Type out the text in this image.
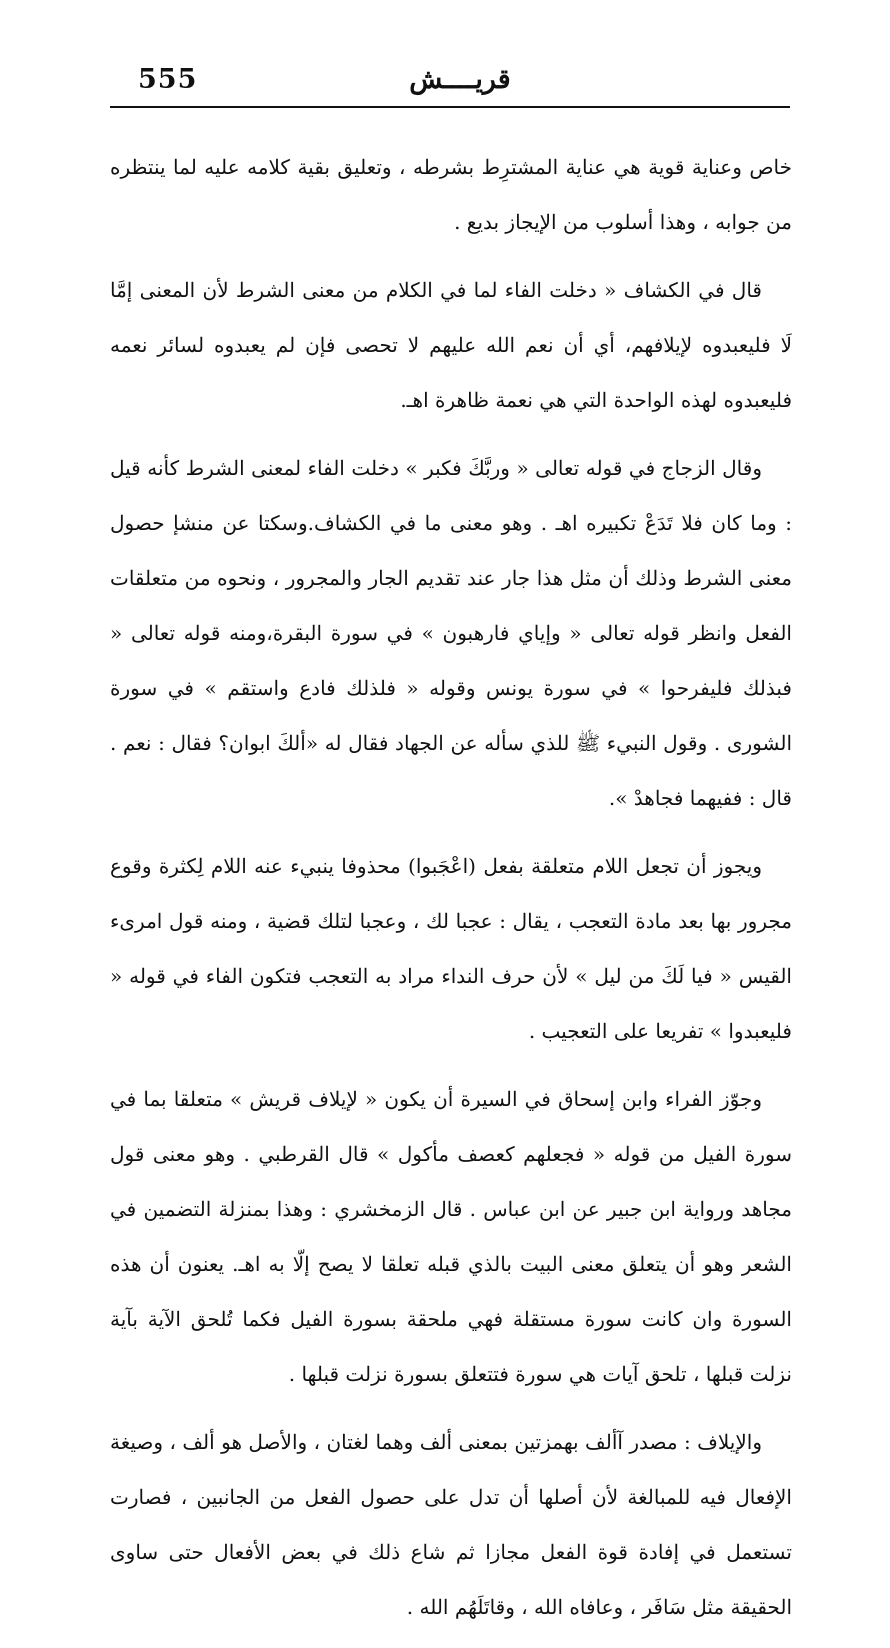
555	قريــــش

خاص وعناية قوية هي عناية المشترِط بشرطه ، وتعليق بقية كلامه عليه لما ينتظره من جوابه ، وهذا أسلوب من الإيجاز بديع .

قال في الكشاف « دخلت الفاء لما في الكلام من معنى الشرط لأن المعنى إمَّا لَا فليعبدوه لإيلافهم، أي أن نعم الله عليهم لا تحصى فإن لم يعبدوه لسائر نعمه فليعبدوه لهذه الواحدة التي هي نعمة ظاهرة اهـ.

وقال الزجاج في قوله تعالى « وربَّكَ فكبر » دخلت الفاء لمعنى الشرط كأنه قيل : وما كان فلا تَدَعْ تكبيره اهـ . وهو معنى ما في الكشاف.وسكتا عن منشإ حصول معنى الشرط وذلك أن مثل هذا جار عند تقديم الجار والمجرور ، ونحوه من متعلقات الفعل وانظر قوله تعالى « وإياي فارهبون » في سورة البقرة،ومنه قوله تعالى « فبذلك فليفرحوا » في سورة يونس وقوله « فلذلك فادع واستقم » في سورة الشورى . وقول النبيء ﷺ للذي سأله عن الجهاد فقال له «ألكَ ابوان؟ فقال : نعم . قال : ففيهما فجاهدْ ».

ويجوز أن تجعل اللام متعلقة بفعل (اعْجَبوا) محذوفا ينبيء عنه اللام لِكثرة وقوع مجرور بها بعد مادة التعجب ، يقال : عجبا لك ، وعجبا لتلك قضية ، ومنه قول امرىء القيس « فيا لَكَ من ليل » لأن حرف النداء مراد به التعجب فتكون الفاء في قوله « فليعبدوا » تفريعا على التعجيب .

وجوّز الفراء وابن إسحاق في السيرة أن يكون « لإيلاف قريش » متعلقا بما في سورة الفيل من قوله « فجعلهم كعصف مأكول » قال القرطبي . وهو معنى قول مجاهد ورواية ابن جبير عن ابن عباس . قال الزمخشري : وهذا بمنزلة التضمين في الشعر وهو أن يتعلق معنى البيت بالذي قبله تعلقا لا يصح إلّا به اهـ. يعنون أن هذه السورة وان كانت سورة مستقلة فهي ملحقة بسورة الفيل فكما تُلحق الآية بآية نزلت قبلها ، تلحق آيات هي سورة فتتعلق بسورة نزلت قبلها .

والإيلاف : مصدر آألف بهمزتين بمعنى ألف وهما لغتان ، والأصل هو ألف ، وصيغة الإفعال فيه للمبالغة لأن أصلها أن تدل على حصول الفعل من الجانبين ، فصارت تستعمل في إفادة قوة الفعل مجازا ثم شاع ذلك في بعض الأفعال حتى ساوى الحقيقة مثل سَافَر ، وعافاه الله ، وقاتَلَهُم الله .
